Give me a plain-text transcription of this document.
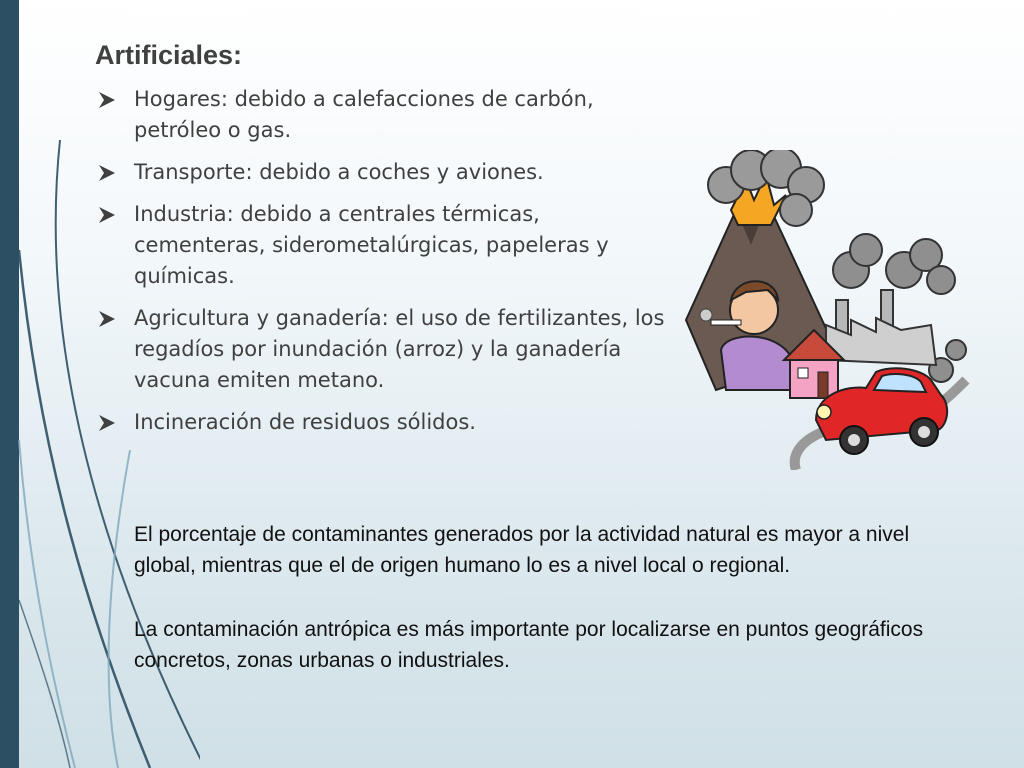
Artificiales:
Hogares: debido a calefacciones de carbón, petróleo o gas.
Transporte: debido a coches y aviones.
Industria: debido a centrales térmicas, cementeras, siderometalúrgicas, papeleras y químicas.
Agricultura y ganadería: el uso de fertilizantes, los regadíos por inundación (arroz) y la ganadería vacuna emiten metano.
Incineración de residuos sólidos.

El porcentaje de contaminantes generados por la actividad natural es mayor a nivel global, mientras que el de origen humano lo es a nivel local o regional.

La contaminación antrópica es más importante por localizarse en puntos geográficos concretos, zonas urbanas o industriales.
